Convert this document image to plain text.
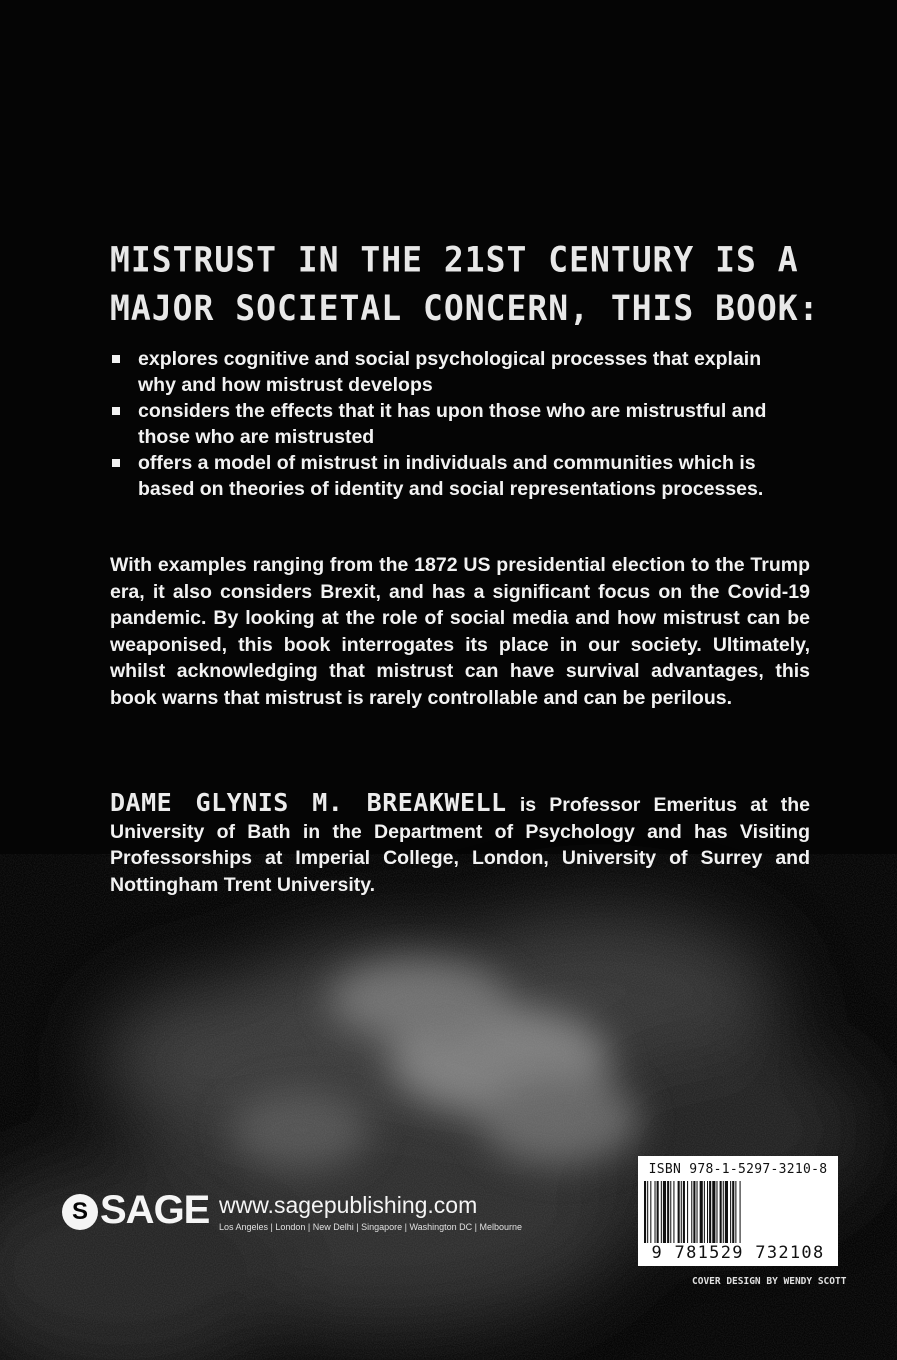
MISTRUST IN THE 21ST CENTURY IS A
MAJOR SOCIETAL CONCERN, THIS BOOK:
explores cognitive and social psychological processes that explain why and how mistrust develops
considers the effects that it has upon those who are mistrustful and those who are mistrusted
offers a model of mistrust in individuals and communities which is based on theories of identity and social representations processes.

With examples ranging from the 1872 US presidential election to the Trump era, it also considers Brexit, and has a significant focus on the Covid-19 pandemic. By looking at the role of social media and how mistrust can be weaponised, this book interrogates its place in our society. Ultimately, whilst acknowledging that mistrust can have survival advantages, this book warns that mistrust is rarely controllable and can be perilous.

DAME GLYNIS M. BREAKWELL is Professor Emeritus at the University of Bath in the Department of Psychology and has Visiting Professorships at Imperial College, London, University of Surrey and Nottingham Trent University.

S SAGE www.sagepublishing.com
Los Angeles | London | New Delhi | Singapore | Washington DC | Melbourne
ISBN 978-1-5297-3210-8
9 781529 732108
COVER DESIGN BY WENDY SCOTT
